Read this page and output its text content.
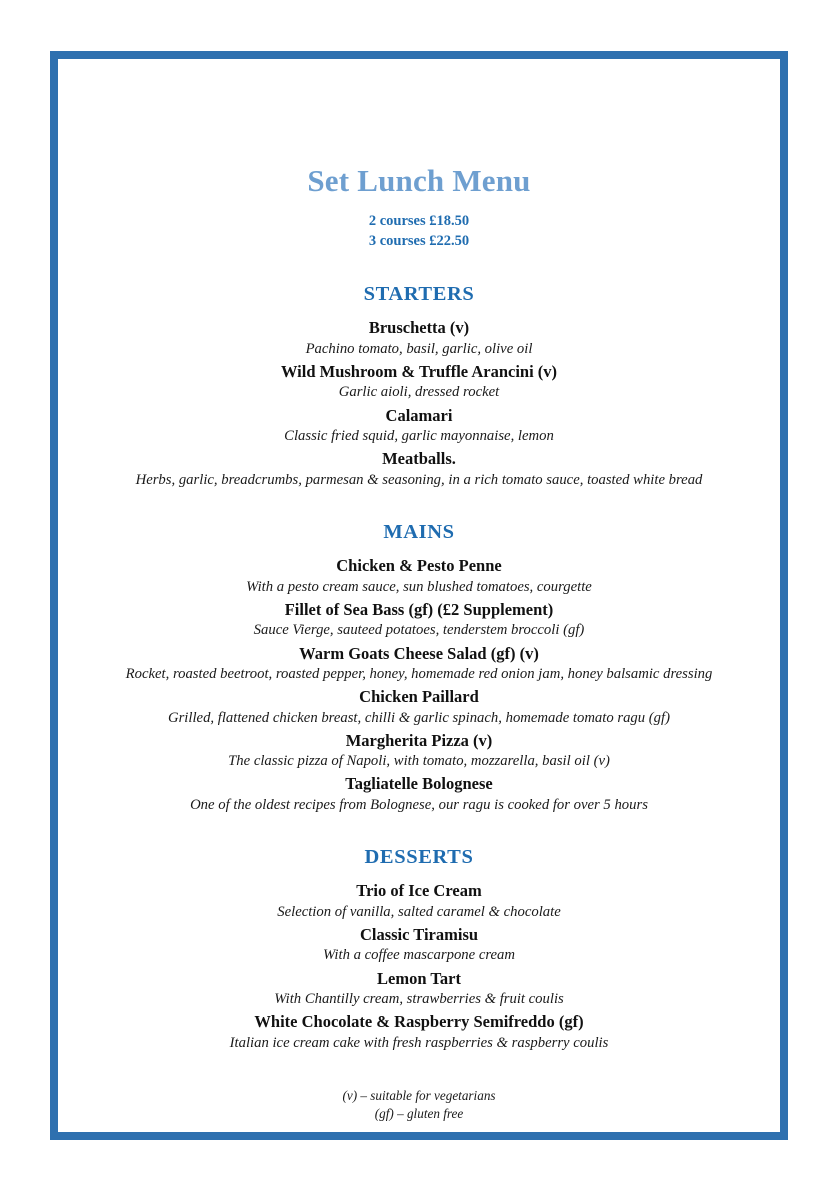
Set Lunch Menu
2 courses £18.50
3 courses £22.50
STARTERS
Bruschetta (v)
Pachino tomato, basil, garlic, olive oil
Wild Mushroom & Truffle Arancini (v)
Garlic aioli, dressed rocket
Calamari
Classic fried squid, garlic mayonnaise, lemon
Meatballs.
Herbs, garlic, breadcrumbs, parmesan & seasoning, in a rich tomato sauce, toasted white bread
MAINS
Chicken & Pesto Penne
With a pesto cream sauce, sun blushed tomatoes, courgette
Fillet of Sea Bass (gf) (£2 Supplement)
Sauce Vierge, sauteed potatoes, tenderstem broccoli (gf)
Warm Goats Cheese Salad (gf) (v)
Rocket, roasted beetroot, roasted pepper, honey, homemade red onion jam, honey balsamic dressing
Chicken Paillard
Grilled, flattened chicken breast, chilli & garlic spinach, homemade tomato ragu (gf)
Margherita Pizza (v)
The classic pizza of Napoli, with tomato, mozzarella, basil oil (v)
Tagliatelle Bolognese
One of the oldest recipes from Bolognese, our ragu is cooked for over 5 hours
DESSERTS
Trio of Ice Cream
Selection of vanilla, salted caramel & chocolate
Classic Tiramisu
With a coffee mascarpone cream
Lemon Tart
With Chantilly cream, strawberries & fruit coulis
White Chocolate & Raspberry Semifreddo (gf)
Italian ice cream cake with fresh raspberries & raspberry coulis
(v) – suitable for vegetarians
(gf) – gluten free
